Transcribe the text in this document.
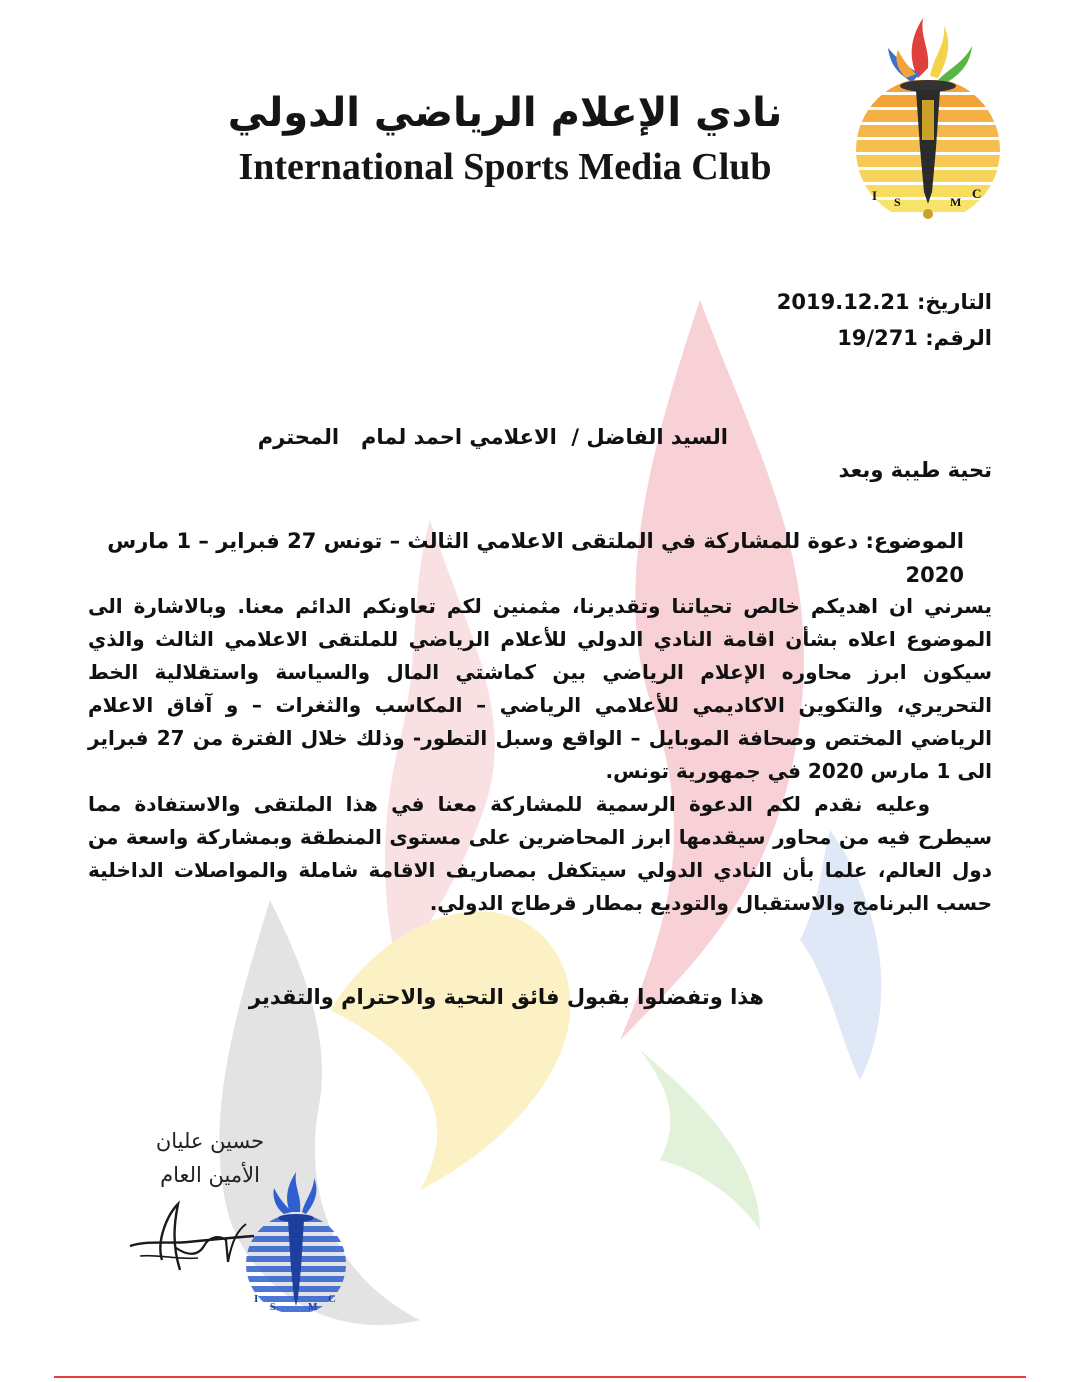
نادي الإعلام الرياضي الدولي
International Sports Media Club
I S	M
C
التاريخ: 2019.12.21
الرقم: 19/271
السيد الفاضل /  الاعلامي احمد لمام   المحترم
تحية طيبة وبعد
الموضوع: دعوة للمشاركة في الملتقى الاعلامي الثالث – تونس 27 فبراير – 1 مارس
2020

يسرني ان اهديكم خالص تحياتنا وتقديرنا، مثمنين لكم تعاونكم الدائم معنا. وبالاشارة الى الموضوع اعلاه بشأن اقامة النادي الدولي للأعلام الرياضي للملتقى الاعلامي الثالث والذي سيكون ابرز محاوره الإعلام الرياضي بين كماشتي المال والسياسة واستقلالية الخط التحريري، والتكوين الاكاديمي للأعلامي الرياضي – المكاسب والثغرات – و آفاق الاعلام الرياضي المختص وصحافة الموبايل – الواقع وسبل التطور- وذلك خلال الفترة من 27 فبراير الى 1 مارس 2020 في جمهورية تونس.

وعليه نقدم لكم الدعوة الرسمية للمشاركة معنا في هذا الملتقى والاستفادة مما سيطرح فيه من محاور سيقدمها ابرز المحاضرين على مستوى المنطقة وبمشاركة واسعة من دول العالم، علما بأن النادي الدولي سيتكفل بمصاريف الاقامة شاملة والمواصلات الداخلية حسب البرنامج والاستقبال والتوديع بمطار قرطاج الدولي.

هذا وتفضلوا بقبول فائق التحية والاحترام والتقدير
حسين عليان
الأمين العام
I
S	M
C
